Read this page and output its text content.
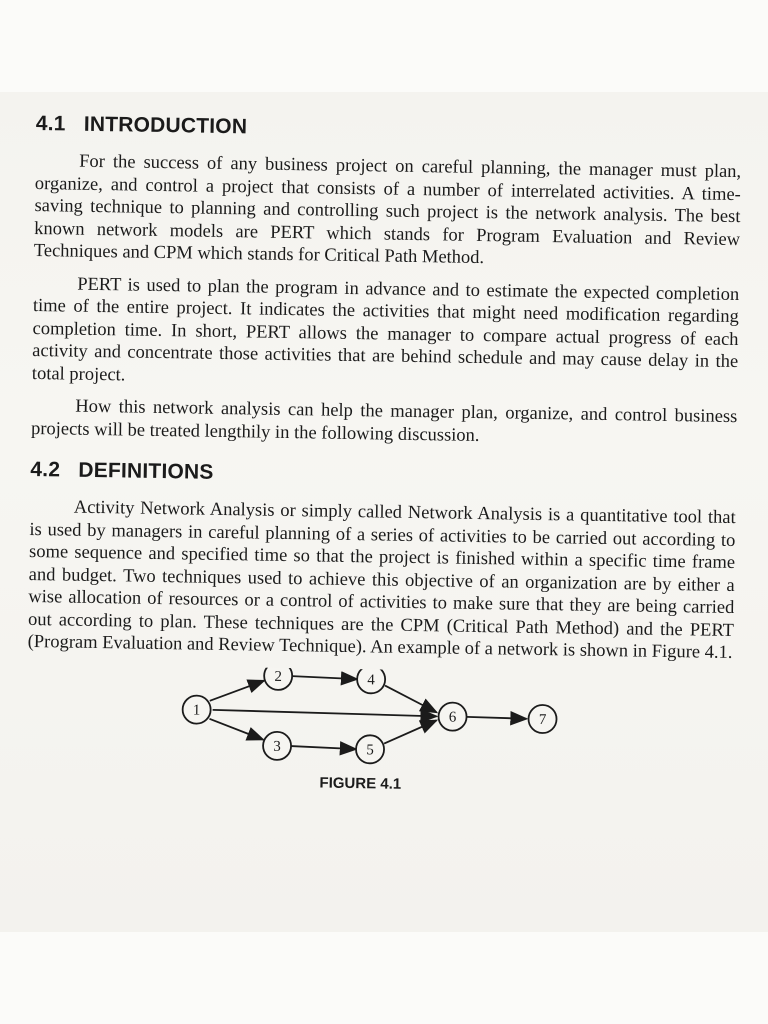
4.1 INTRODUCTION

For the success of any business project on careful planning, the manager must plan, organize, and control a project that consists of a number of interrelated activities. A time-saving technique to planning and controlling such project is the network analysis. The best known network models are PERT which stands for Program Evaluation and Review Techniques and CPM which stands for Critical Path Method.

PERT is used to plan the program in advance and to estimate the expected completion time of the entire project. It indicates the activities that might need modification regarding completion time. In short, PERT allows the manager to compare actual progress of each activity and concentrate those activities that are behind schedule and may cause delay in the total project.

How this network analysis can help the manager plan, organize, and control business projects will be treated lengthily in the following discussion.

4.2 DEFINITIONS

Activity Network Analysis or simply called Network Analysis is a quantitative tool that is used by managers in careful planning of a series of activities to be carried out according to some sequence and specified time so that the project is finished within a specific time frame and budget. Two techniques used to achieve this objective of an organization are by either a wise allocation of resources or a control of activities to make sure that they are being carried out according to plan. These techniques are the CPM (Critical Path Method) and the PERT (Program Evaluation and Review Technique). An example of a network is shown in Figure 4.1.

1
2
3
4
5
6	7
FIGURE 4.1
